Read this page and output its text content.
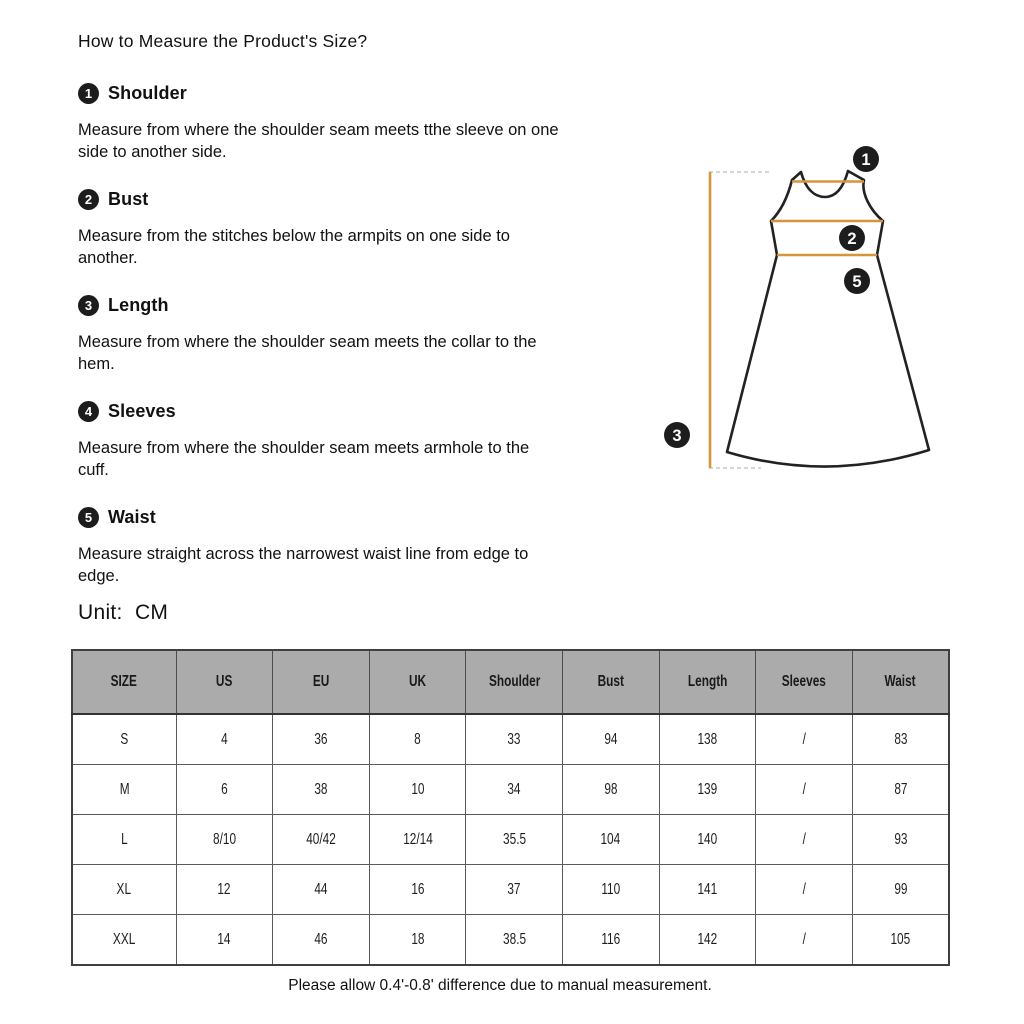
How to Measure the Product's Size?
1 Shoulder
Measure from where the shoulder seam meets tthe sleeve on one
side to another side.
2 Bust
Measure from the stitches below the armpits on one side to
another.
3 Length
Measure from where the shoulder seam meets the collar to the
hem.
4 Sleeves
Measure from where the shoulder seam meets armhole to the
cuff.
5 Waist
Measure straight across the narrowest waist line from edge to
edge.
1
2
5
3
Unit:  CM
SIZE	US	EU	UK	Shoulder	Bust	Length	Sleeves	Waist
S	4	36	8	33	94	138	/	83
M	6	38	10	34	98	139	/	87
L	8/10	40/42	12/14	35.5	104	140	/	93
XL	12	44	16	37	110	141	/	99
XXL	14	46	18	38.5	116	142	/	105
Please allow 0.4'-0.8' difference due to manual measurement.
